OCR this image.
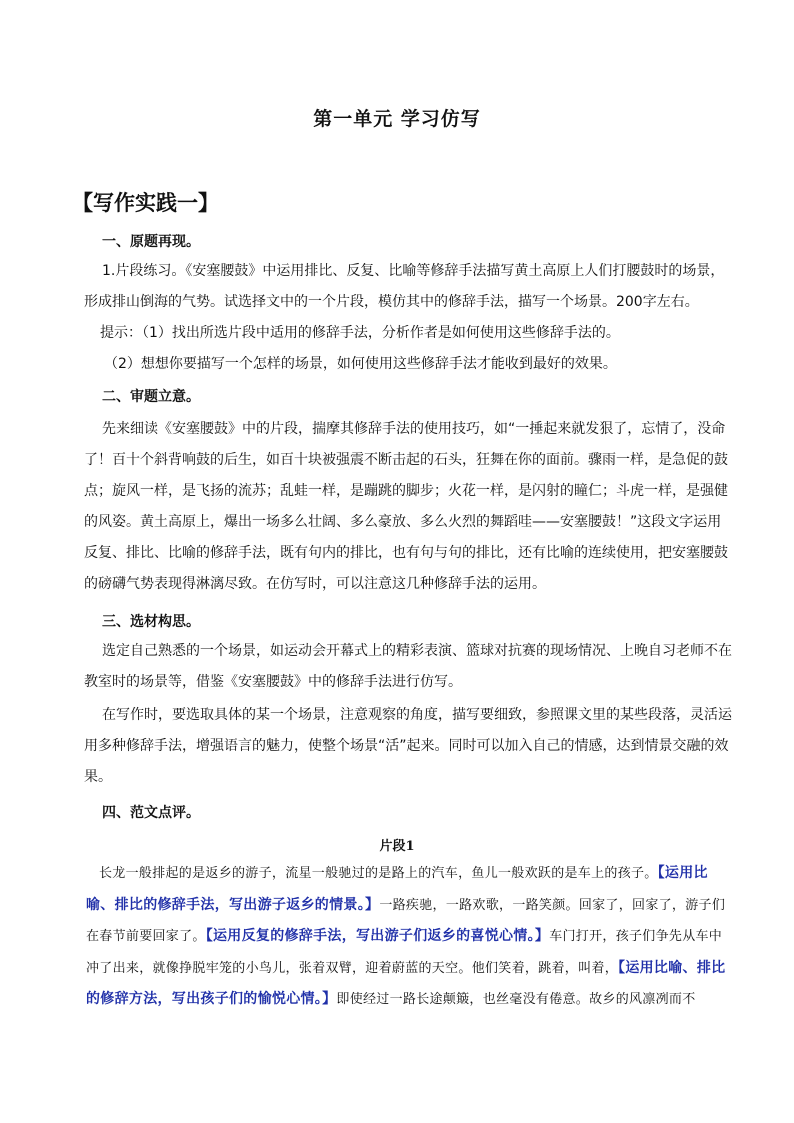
第一单元 学习仿写
【写作实践一】
一、原题再现。
1.片段练习。《安塞腰鼓》中运用排比、反复、比喻等修辞手法描写黄土高原上人们打腰鼓时的场景，形成排山倒海的气势。试选择文中的一个片段，模仿其中的修辞手法，描写一个场景。200字左右。
提示：（1）找出所选片段中适用的修辞手法，分析作者是如何使用这些修辞手法的。
（2）想想你要描写一个怎样的场景，如何使用这些修辞手法才能收到最好的效果。
二、审题立意。
先来细读《安塞腰鼓》中的片段，揣摩其修辞手法的使用技巧，如“一捶起来就发狠了，忘情了，没命了！百十个斜背响鼓的后生，如百十块被强震不断击起的石头，狂舞在你的面前。骤雨一样，是急促的鼓点；旋风一样，是飞扬的流苏；乱蛙一样，是蹦跳的脚步；火花一样，是闪射的瞳仁；斗虎一样，是强健的风姿。黄土高原上，爆出一场多么壮阔、多么豪放、多么火烈的舞蹈哇——安塞腰鼓！”这段文字运用反复、排比、比喻的修辞手法，既有句内的排比，也有句与句的排比，还有比喻的连续使用，把安塞腰鼓的磅礴气势表现得淋漓尽致。在仿写时，可以注意这几种修辞手法的运用。
三、选材构思。
选定自己熟悉的一个场景，如运动会开幕式上的精彩表演、篮球对抗赛的现场情况、上晚自习老师不在教室时的场景等，借鉴《安塞腰鼓》中的修辞手法进行仿写。
在写作时，要选取具体的某一个场景，注意观察的角度，描写要细致，参照课文里的某些段落，灵活运用多种修辞手法，增强语言的魅力，使整个场景“活”起来。同时可以加入自己的情感，达到情景交融的效果。
四、范文点评。
片段1
长龙一般排起的是返乡的游子，流星一般驰过的是路上的汽车，鱼儿一般欢跃的是车上的孩子。【运用比喻、排比的修辞手法，写出游子返乡的情景。】一路疾驰，一路欢歌，一路笑颜。回家了，回家了，游子们在春节前要回家了。【运用反复的修辞手法，写出游子们返乡的喜悦心情。】车门打开，孩子们争先从车中冲了出来，就像挣脱牢笼的小鸟儿，张着双臂，迎着蔚蓝的天空。他们笑着，跳着，叫着，【运用比喻、排比的修辞方法，写出孩子们的愉悦心情。】即使经过一路长途颠簸，也丝毫没有倦意。故乡的风凛冽而不
